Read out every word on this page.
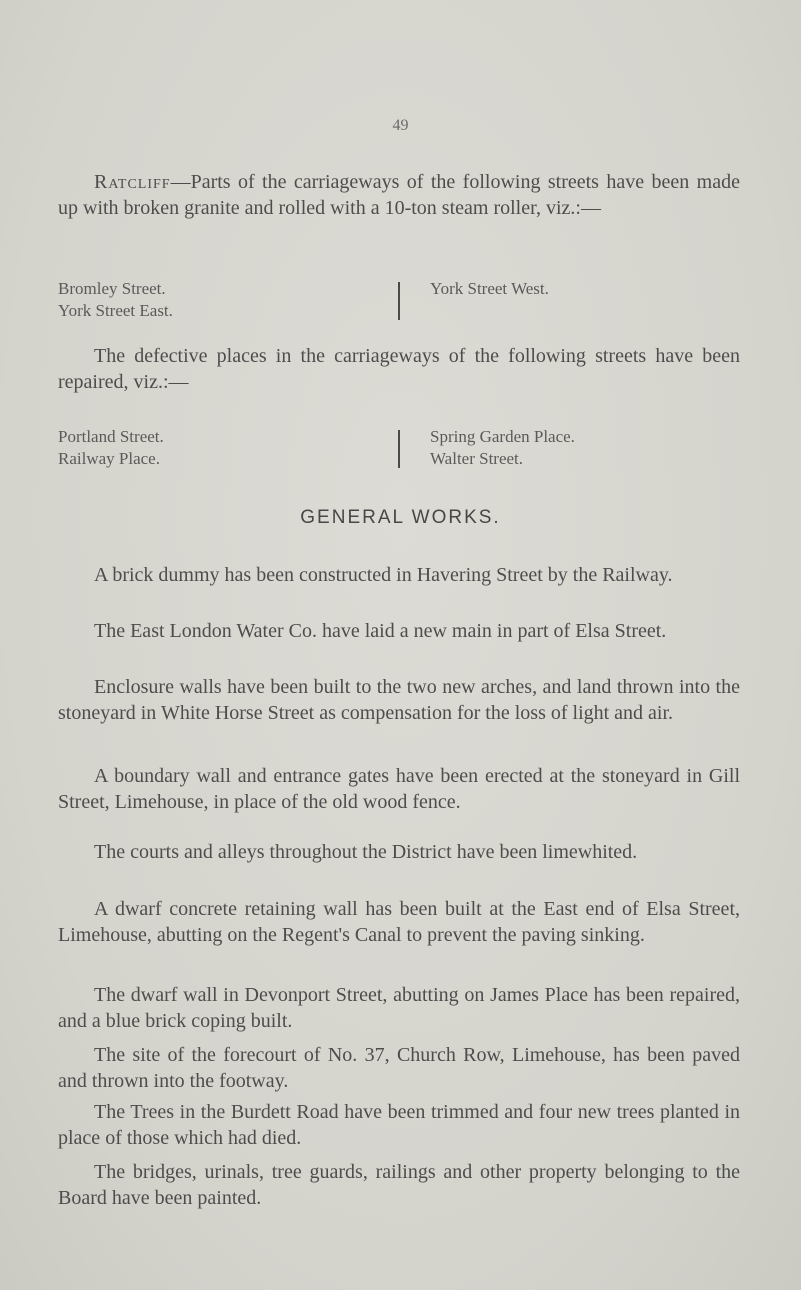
49
Ratcliff—Parts of the carriageways of the following streets have been made up with broken granite and rolled with a 10-ton steam roller, viz.:—
Bromley Street.
York Street East.
York Street West.
The defective places in the carriageways of the following streets have been repaired, viz.:—
Portland Street.
Railway Place.
Spring Garden Place.
Walter Street.
GENERAL WORKS.
A brick dummy has been constructed in Havering Street by the Railway.
The East London Water Co. have laid a new main in part of Elsa Street.
Enclosure walls have been built to the two new arches, and land thrown into the stoneyard in White Horse Street as compensation for the loss of light and air.
A boundary wall and entrance gates have been erected at the stoneyard in Gill Street, Limehouse, in place of the old wood fence.
The courts and alleys throughout the District have been limewhited.
A dwarf concrete retaining wall has been built at the East end of Elsa Street, Limehouse, abutting on the Regent's Canal to prevent the paving sinking.
The dwarf wall in Devonport Street, abutting on James Place has been repaired, and a blue brick coping built.
The site of the forecourt of No. 37, Church Row, Limehouse, has been paved and thrown into the footway.
The Trees in the Burdett Road have been trimmed and four new trees planted in place of those which had died.
The bridges, urinals, tree guards, railings and other property belonging to the Board have been painted.
